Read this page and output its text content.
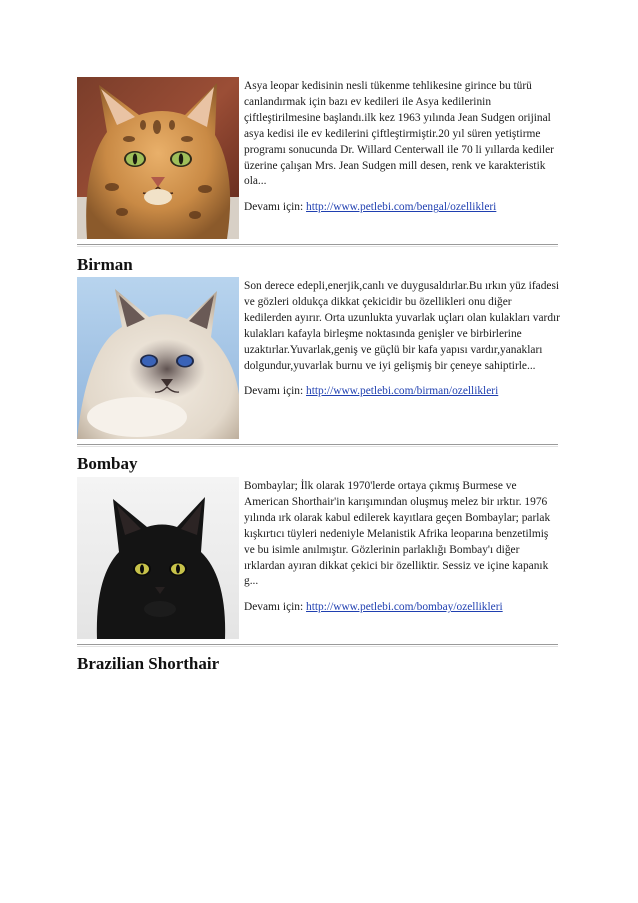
Asya leopar kedisinin nesli tükenme tehlikesine girince bu türü canlandırmak için bazı ev kedileri ile Asya kedilerinin çiftleştirilmesine başlandı.ilk kez 1963 yılında Jean Sudgen orijinal asya kedisi ile ev kedilerini çiftleştirmiştir.20 yıl süren yetiştirme programı sonucunda Dr. Willard Centerwall ile 70 li yıllarda kediler üzerine çalışan Mrs. Jean Sudgen mill desen, renk ve karakteristik ola...

Devamı için: http://www.petlebi.com/bengal/ozellikleri

Birman

Son derece edepli,enerjik,canlı ve duygusaldırlar.Bu ırkın yüz ifadesi ve gözleri oldukça dikkat çekicidir bu özellikleri onu diğer kedilerden ayırır. Orta uzunlukta yuvarlak uçları olan kulakları vardır kulakları kafayla birleşme noktasında genişler ve birbirlerine uzaktırlar.Yuvarlak,geniş ve güçlü bir kafa yapısı vardır,yanakları dolgundur,yuvarlak burnu ve iyi gelişmiş bir çeneye sahiptirle...

Devamı için: http://www.petlebi.com/birman/ozellikleri

Bombay

Bombaylar; İlk olarak 1970'lerde ortaya çıkmış Burmese ve American Shorthair'in karışımından oluşmuş melez bir ırktır. 1976 yılında ırk olarak kabul edilerek kayıtlara geçen Bombaylar; parlak kışkırtıcı tüyleri nedeniyle Melanistik Afrika leoparına benzetilmiş ve bu isimle anılmıştır. Gözlerinin parlaklığı Bombay'ı diğer ırklardan ayıran dikkat çekici bir özelliktir. Sessiz ve içine kapanık g...

Devamı için: http://www.petlebi.com/bombay/ozellikleri

Brazilian Shorthair
